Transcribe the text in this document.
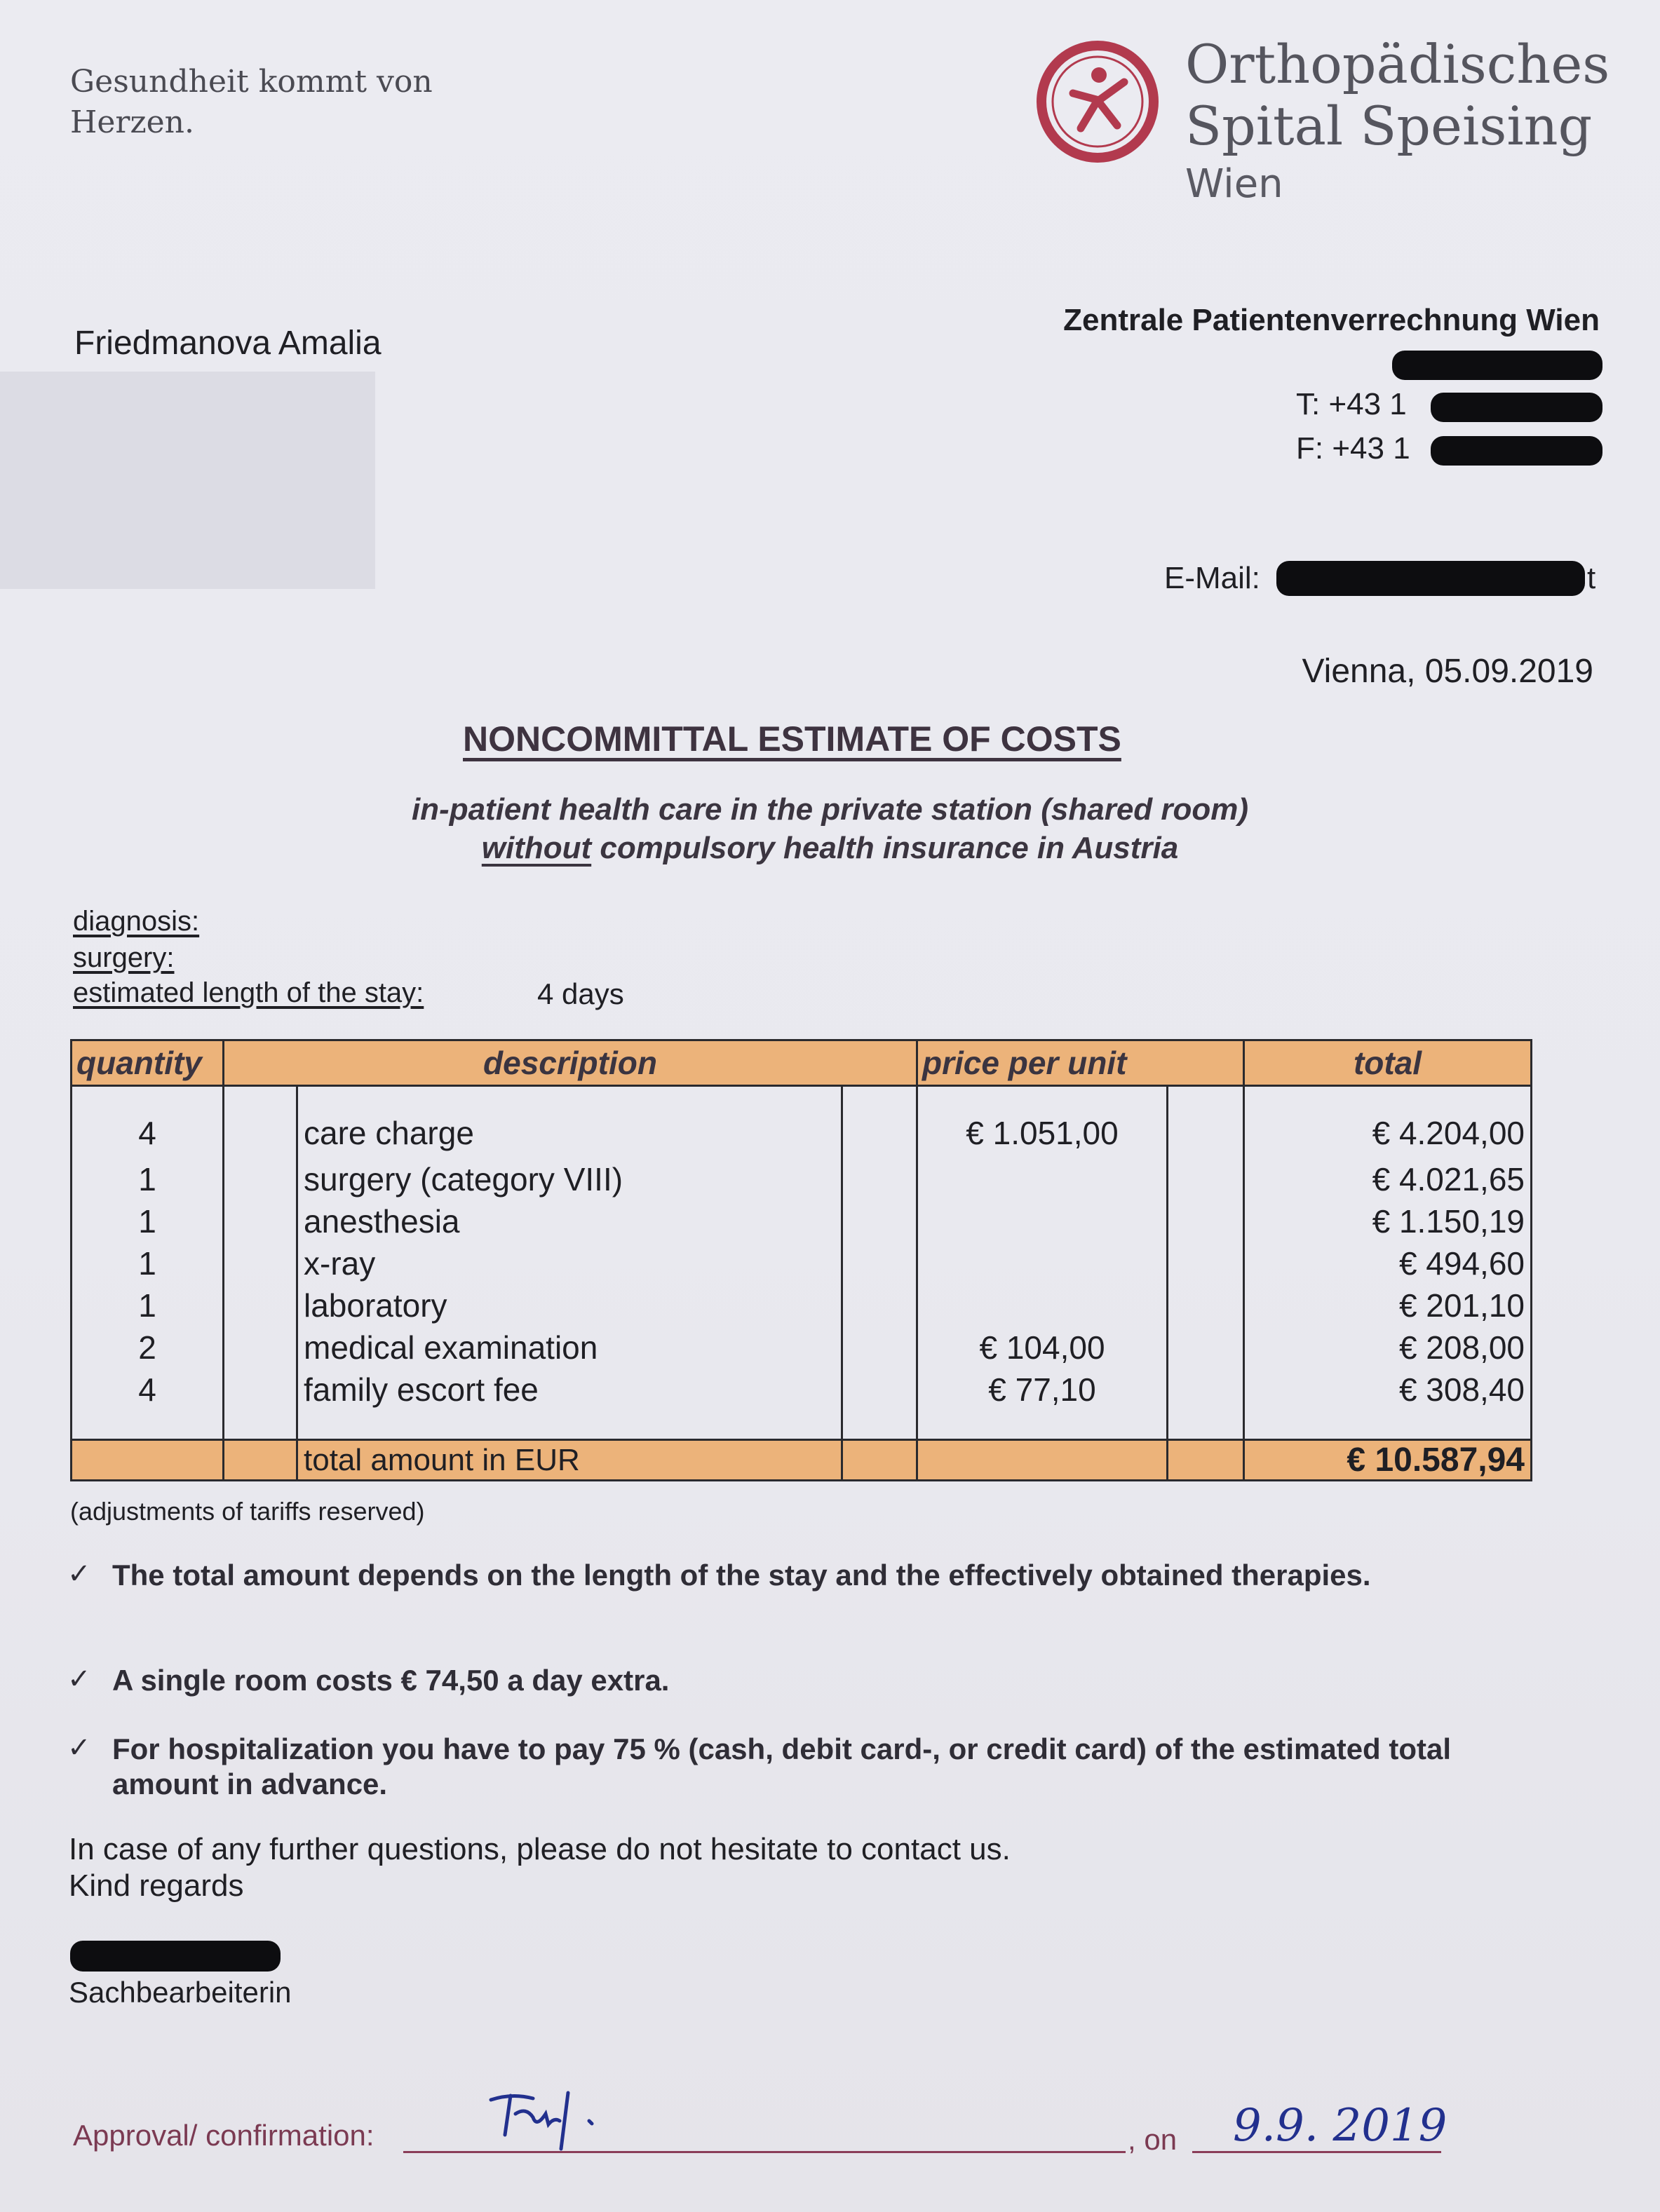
Gesundheit kommt von Herzen.
Orthopädisches
Spital Speising
Wien
Friedmanova Amalia
Zentrale Patientenverrechnung Wien
T: +43 1
F: +43 1
E-Mail:	t
Vienna, 05.09.2019
NONCOMMITTAL ESTIMATE OF COSTS
in-patient health care in the private station (shared room)
without compulsory health insurance in Austria
diagnosis:
surgery:
estimated length of the stay:	4 days
quantity	description			price per unit		total
4		care charge		€ 1.051,00		€ 4.204,00
1		surgery (category VIII)				€ 4.021,65
1		anesthesia				€ 1.150,19
1		x-ray				€ 494,60
1		laboratory				€ 201,10
2		medical examination		€ 104,00		€ 208,00
4		family escort fee		€ 77,10		€ 308,40
		total amount in EUR				€ 10.587,94
(adjustments of tariffs reserved)
✓ The total amount depends on the length of the stay and the effectively obtained therapies.
✓ A single room costs € 74,50 a day extra.
✓ For hospitalization you have to pay 75 % (cash, debit card-, or credit card) of the estimated total amount in advance.
In case of any further questions, please do not hesitate to contact us.
Kind regards
Sachbearbeiterin
Approval/ confirmation:	, on 9.9. 2019
